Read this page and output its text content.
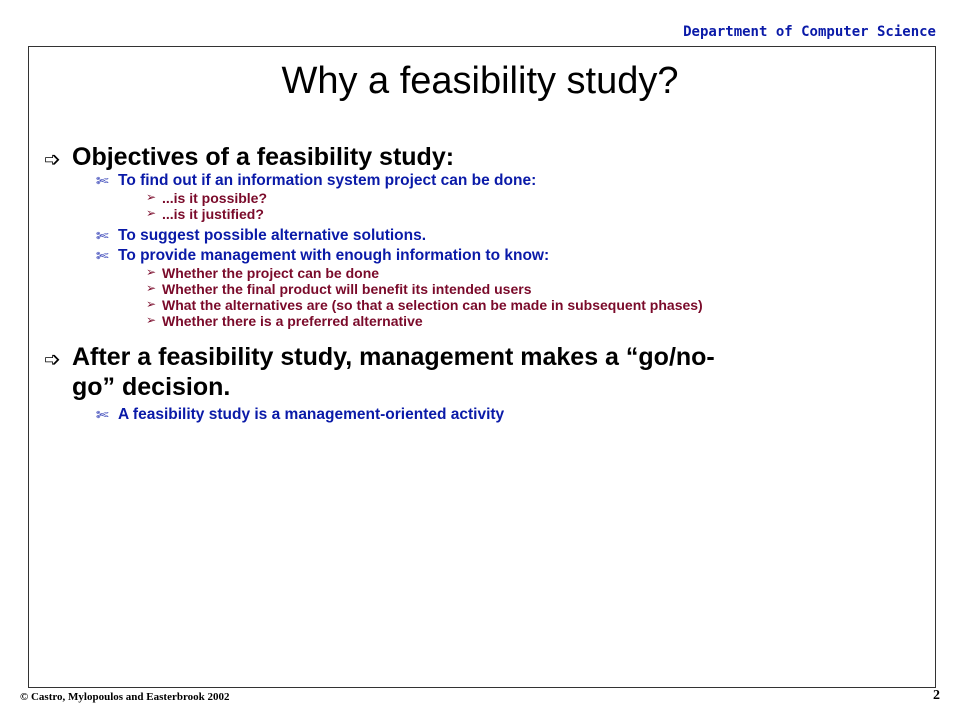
Department of Computer Science
Why a feasibility study?
➩ Objectives of a feasibility study:
✄ To find out if an information system project can be done:
➢ ...is it possible?
➢ ...is it justified?
✄ To suggest possible alternative solutions.
✄ To provide management with enough information to know:
➢ Whether the project can be done
➢ Whether the final product will benefit its intended users
➢ What the alternatives are (so that a selection can be made in subsequent phases)
➢ Whether there is a preferred alternative
➩ After a feasibility study, management makes a “go/no-
go” decision.
✄ A feasibility study is a management-oriented activity
© Castro, Mylopoulos and Easterbrook 2002	2
